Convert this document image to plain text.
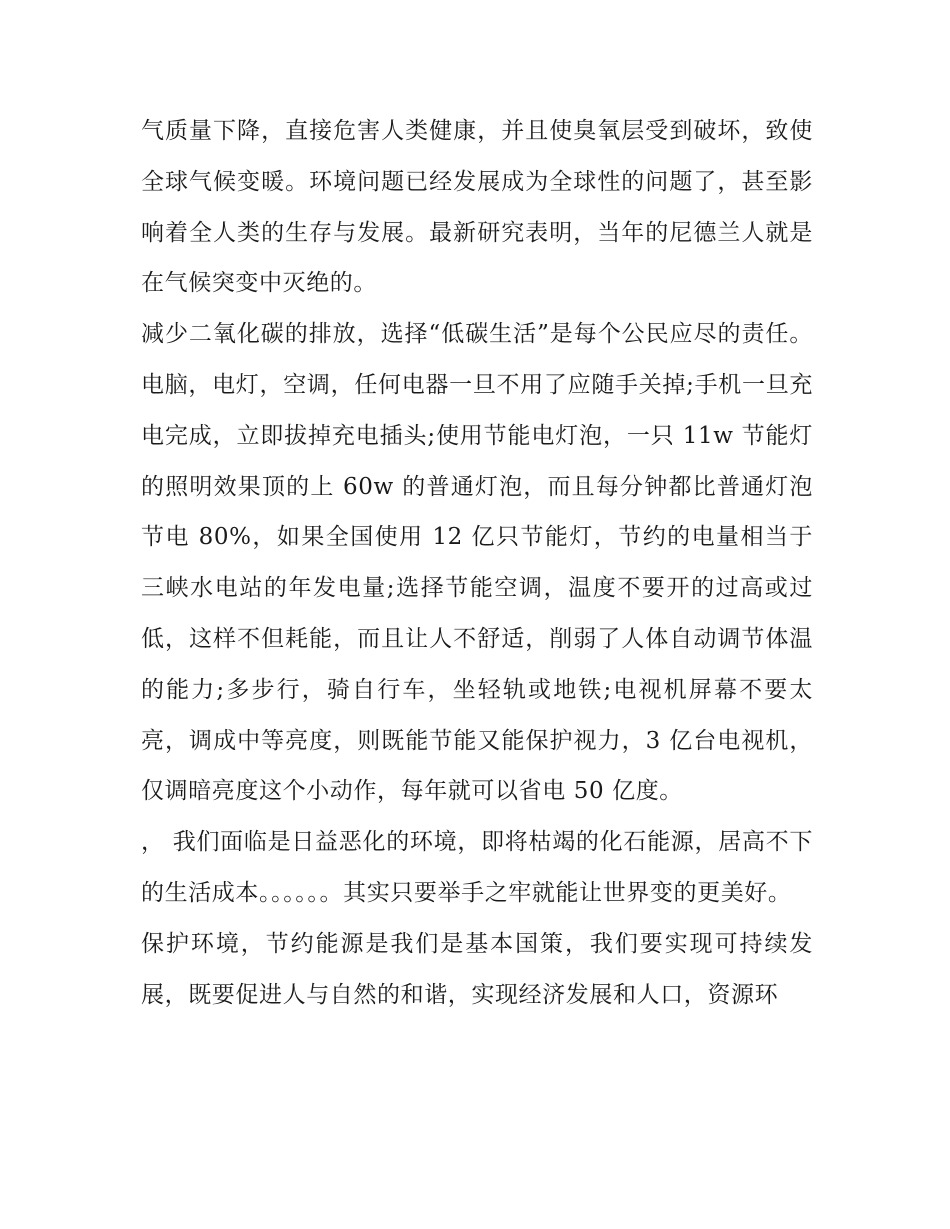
气质量下降，直接危害人类健康，并且使臭氧层受到破坏，致使全球气候变暖。环境问题已经发展成为全球性的问题了，甚至影响着全人类的生存与发展。最新研究表明，当年的尼德兰人就是在气候突变中灭绝的。

减少二氧化碳的排放，选择“低碳生活”是每个公民应尽的责任。电脑，电灯，空调，任何电器一旦不用了应随手关掉;手机一旦充电完成，立即拔掉充电插头;使用节能电灯泡，一只 11w 节能灯的照明效果顶的上 60w 的普通灯泡，而且每分钟都比普通灯泡节电 80%，如果全国使用 12 亿只节能灯，节约的电量相当于三峡水电站的年发电量;选择节能空调，温度不要开的过高或过低，这样不但耗能，而且让人不舒适，削弱了人体自动调节体温的能力;多步行，骑自行车，坐轻轨或地铁;电视机屏幕不要太亮，调成中等亮度，则既能节能又能保护视力，3 亿台电视机，仅调暗亮度这个小动作，每年就可以省电 50 亿度。

， 我们面临是日益恶化的环境，即将枯竭的化石能源，居高不下的生活成本。。。。。。其实只要举手之牢就能让世界变的更美好。

保护环境，节约能源是我们是基本国策，我们要实现可持续发展，既要促进人与自然的和谐，实现经济发展和人口，资源环
